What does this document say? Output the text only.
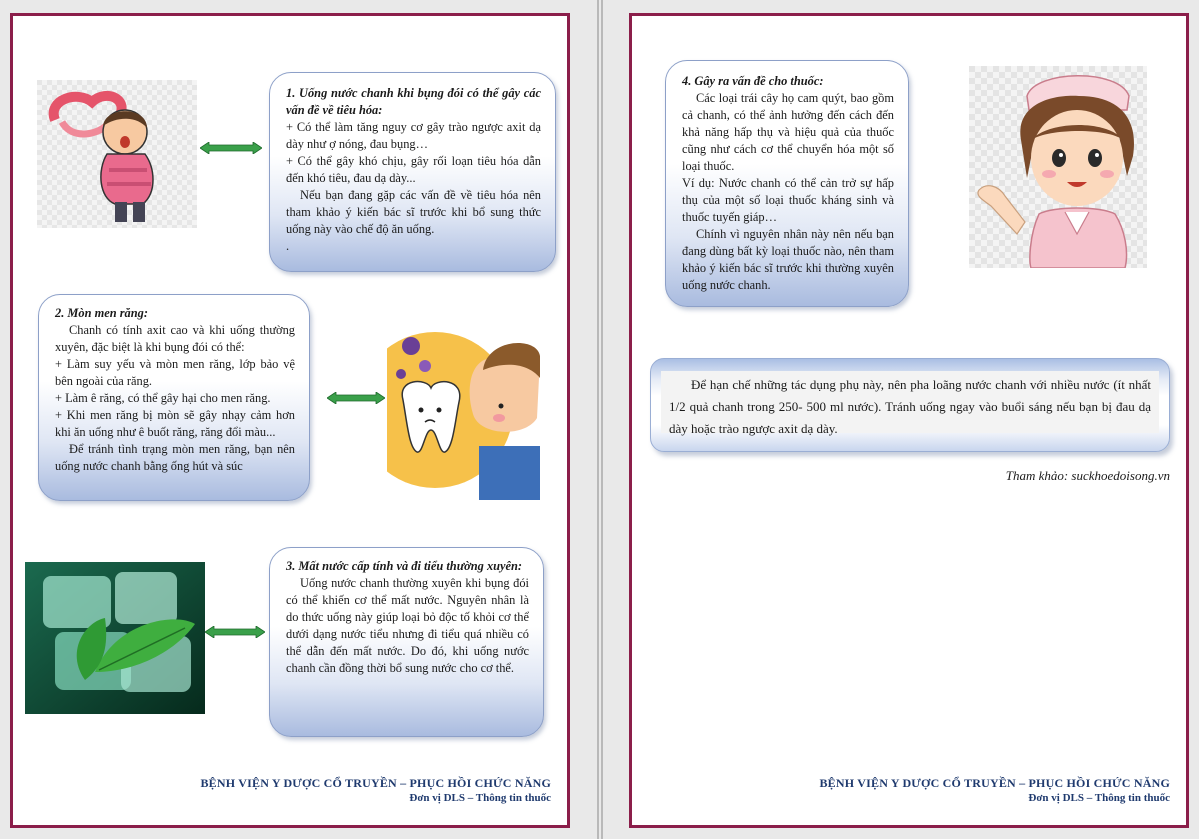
1. Uống nước chanh khi bụng đói có thể gây các vấn đề về tiêu hóa:

+ Có thể làm tăng nguy cơ gây trào ngược axit dạ dày như ợ nóng, đau bụng…

+ Có thể gây khó chịu, gây rối loạn tiêu hóa dẫn đến khó tiêu, đau dạ dày...

Nếu bạn đang gặp các vấn đề về tiêu hóa nên tham khảo ý kiến bác sĩ trước khi bổ sung thức uống này vào chế độ ăn uống.

.

2. Mòn men răng:

Chanh có tính axit cao và khi uống thường xuyên, đặc biệt là khi bụng đói có thể:

+ Làm suy yếu và mòn men răng, lớp bảo vệ bên ngoài của răng.

+ Làm ê răng, có thể gây hại cho men răng.

+ Khi men răng bị mòn sẽ gây nhạy cảm hơn khi ăn uống như ê buốt răng, răng đổi màu...

Để tránh tình trạng mòn men răng, bạn nên uống nước chanh bằng ống hút và súc

3. Mất nước cấp tính và đi tiểu thường xuyên:

Uống nước chanh thường xuyên khi bụng đói có thể khiến cơ thể mất nước. Nguyên nhân là do thức uống này giúp loại bỏ độc tố khỏi cơ thể dưới dạng nước tiểu nhưng đi tiểu quá nhiều có thể dẫn đến mất nước. Do đó, khi uống nước chanh cần đồng thời bổ sung nước cho cơ thể.

BỆNH VIỆN Y DƯỢC CỔ TRUYỀN – PHỤC HỒI CHỨC NĂNG
Đơn vị DLS – Thông tin thuốc

4. Gây ra vấn đề cho thuốc:

Các loại trái cây họ cam quýt, bao gồm cả chanh, có thể ảnh hưởng đến cách đến khả năng hấp thụ và hiệu quả của thuốc cũng như cách cơ thể chuyển hóa một số loại thuốc.

Ví dụ: Nước chanh có thể cản trở sự hấp thụ của một số loại thuốc kháng sinh và thuốc tuyến giáp…

Chính vì nguyên nhân này nên nếu bạn đang dùng bất kỳ loại thuốc nào, nên tham khảo ý kiến bác sĩ trước khi thường xuyên uống nước chanh.

Để hạn chế những tác dụng phụ này, nên pha loãng nước chanh với nhiều nước (ít nhất 1/2 quả chanh trong 250- 500 ml nước). Tránh uống ngay vào buổi sáng nếu bạn bị đau dạ dày hoặc trào ngược axit dạ dày.
Tham khảo: suckhoedoisong.vn
BỆNH VIỆN Y DƯỢC CỔ TRUYỀN – PHỤC HỒI CHỨC NĂNG
Đơn vị DLS – Thông tin thuốc
